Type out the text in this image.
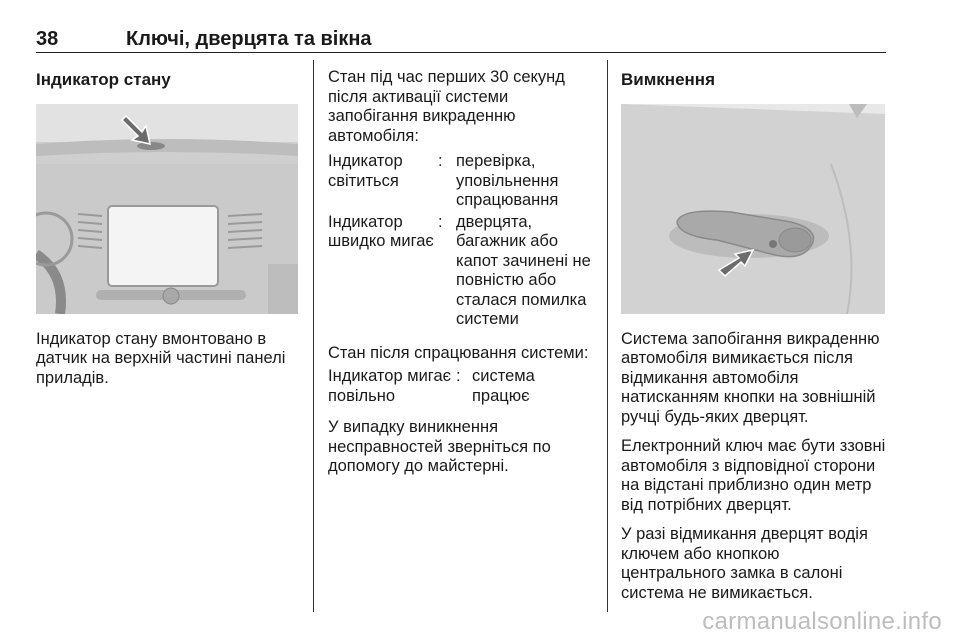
38	Ключі, дверцята та вікна
Індикатор стану

Індикатор стану вмонтовано в датчик на верхній частині панелі приладів.

Стан під час перших 30 секунд після активації системи запобігання викраденню автомобіля:

Індикатор світиться
: перевірка, уповільнення спрацювання
Індикатор швидко мигає
: дверцята, багажник або капот зачинені не повністю або сталася помилка системи

Стан після спрацювання системи:

Індикатор мигає повільно
: система працює

У випадку виникнення несправностей зверніться по допомогу до майстерні.

Вимкнення

Система запобігання викраденню автомобіля вимикається після відмикання автомобіля натисканням кнопки на зовнішній ручці будь-яких дверцят.

Електронний ключ має бути ззовні автомобіля з відповідної сторони на відстані приблизно один метр від потрібних дверцят.

У разі відмикання дверцят водія ключем або кнопкою центрального замка в салоні система не вимикається.

carmanualsonline.info
